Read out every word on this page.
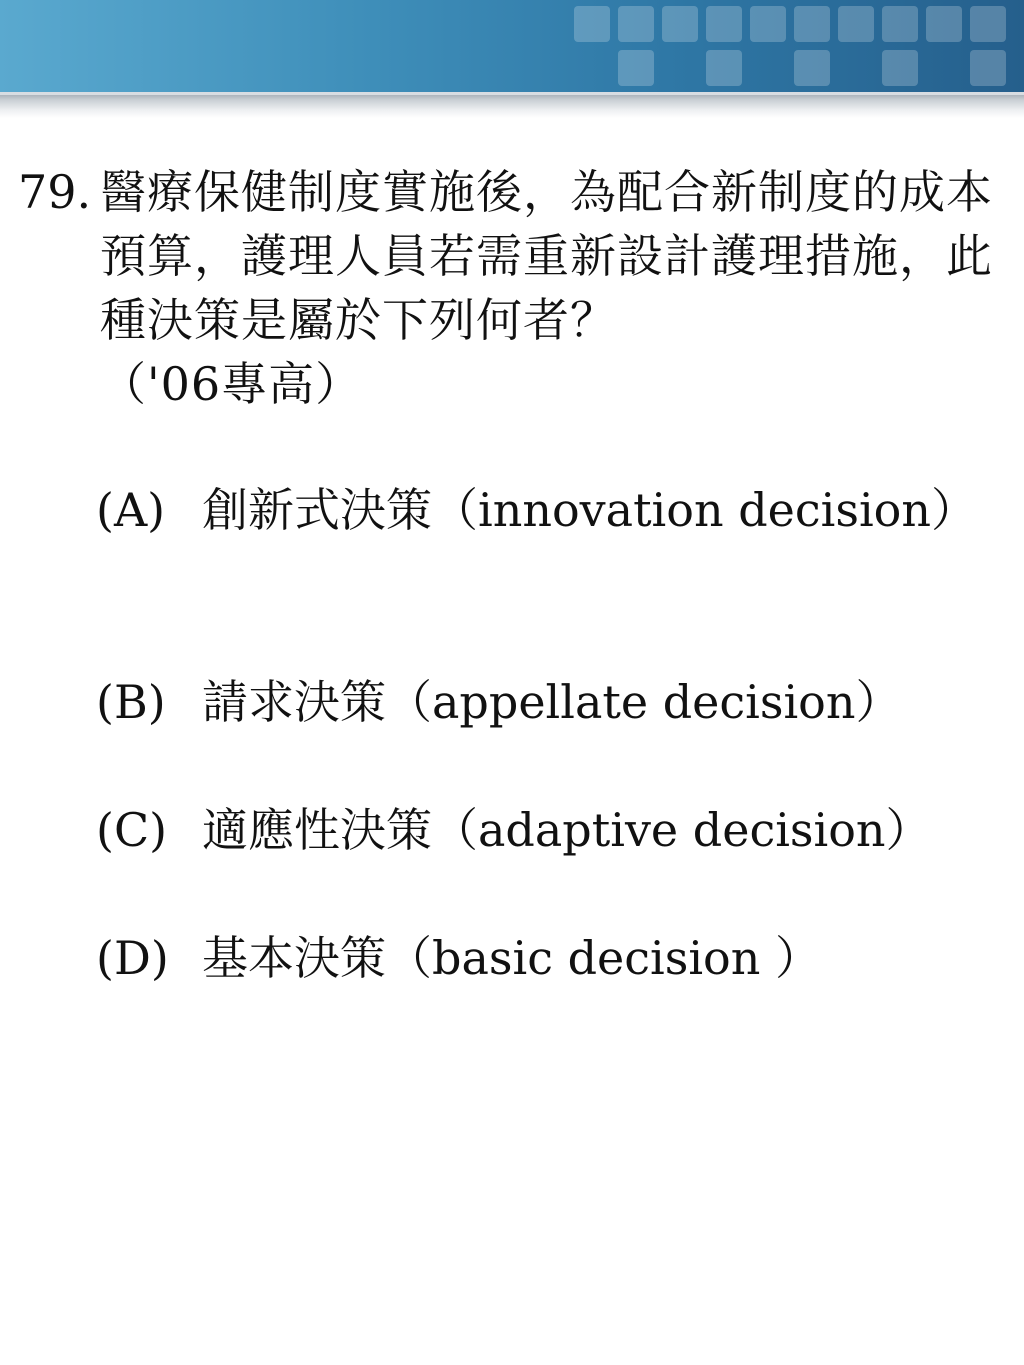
79. 醫療保健制度實施後，為配合新制度的成本預算，護理人員若需重新設計護理措施，此種決策是屬於下列何者？
（'06專高）
(A) 創新式決策（innovation decision）
(B) 請求決策（appellate decision）
(C) 適應性決策（adaptive decision）
(D) 基本決策（basic decision ）
